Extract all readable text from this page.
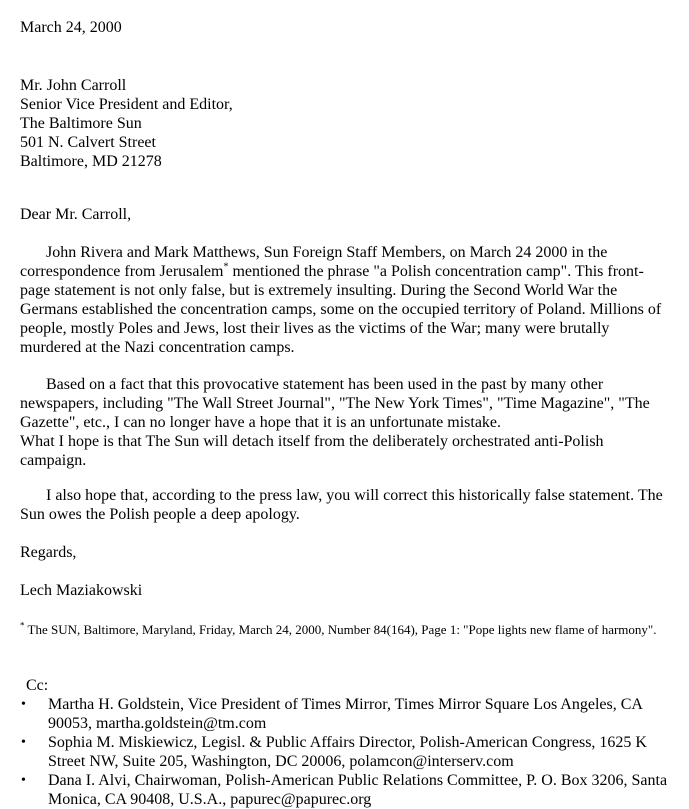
March 24, 2000
Mr. John Carroll
Senior Vice President and Editor,
The Baltimore Sun
501 N. Calvert Street
Baltimore, MD 21278
Dear Mr. Carroll,

John Rivera and Mark Matthews, Sun Foreign Staff Members, on March 24 2000 in the correspondence from Jerusalem* mentioned the phrase "a Polish concentration camp". This front-page statement is not only false, but is extremely insulting. During the Second World War the Germans established the concentration camps, some on the occupied territory of Poland. Millions of people, mostly Poles and Jews, lost their lives as the victims of the War; many were brutally murdered at the Nazi concentration camps.

Based on a fact that this provocative statement has been used in the past by many other newspapers, including "The Wall Street Journal", "The New York Times", "Time Magazine", "The Gazette", etc., I can no longer have a hope that it is an unfortunate mistake.
What I hope is that The Sun will detach itself from the deliberately orchestrated anti-Polish campaign.

I also hope that, according to the press law, you will correct this historically false statement. The Sun owes the Polish people a deep apology.

Regards,
Lech Maziakowski
* The SUN, Baltimore, Maryland, Friday, March 24, 2000, Number 84(164), Page 1: "Pope lights new flame of harmony".
Cc:
• Martha H. Goldstein, Vice President of Times Mirror, Times Mirror Square Los Angeles, CA 90053, martha.goldstein@tm.com
• Sophia M. Miskiewicz, Legisl. & Public Affairs Director, Polish-American Congress, 1625 K Street NW, Suite 205, Washington, DC 20006, polamcon@interserv.com
• Dana I. Alvi, Chairwoman, Polish-American Public Relations Committee, P. O. Box 3206, Santa Monica, CA 90408, U.S.A., papurec@papurec.org
